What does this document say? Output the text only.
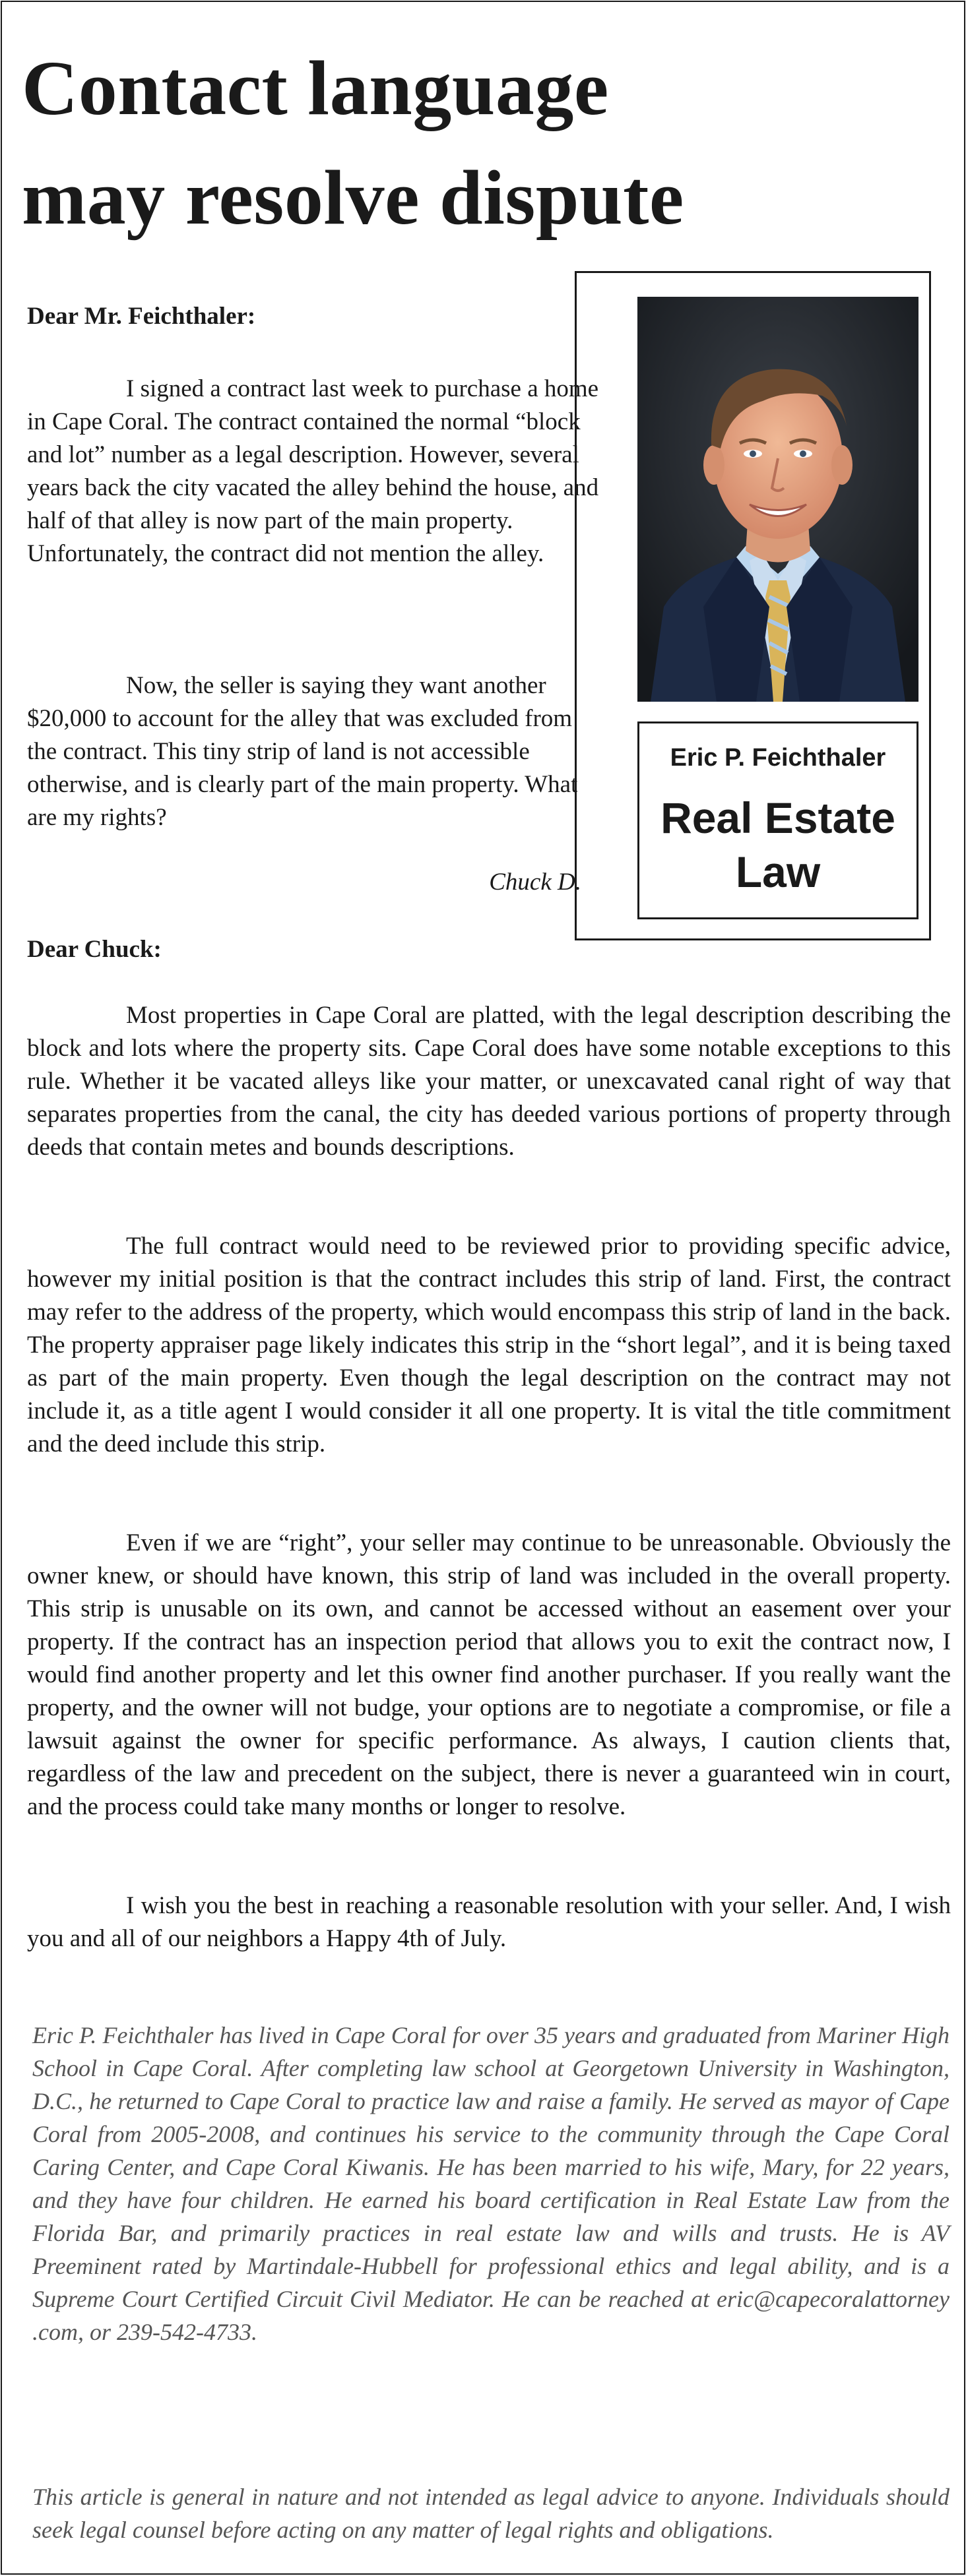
Contact language
may resolve dispute
Eric P. Feichthaler
Real Estate
Law

Dear Mr. Feichthaler:

I signed a contract last week to purchase a home in Cape Coral. The contract contained the normal “block and lot” number as a legal description. However, several years back the city vacated the alley behind the house, and half of that alley is now part of the main property. Unfortunately, the contract did not mention the alley.

Now, the seller is saying they want another $20,000 to account for the alley that was excluded from the contract. This tiny strip of land is not accessible otherwise, and is clearly part of the main property. What are my rights?

Chuck D.

Dear Chuck:

Most properties in Cape Coral are platted, with the legal description describing the block and lots where the property sits. Cape Coral does have some notable exceptions to this rule. Whether it be vacated alleys like your matter, or unexcavated canal right of way that separates properties from the canal, the city has deeded various portions of property through deeds that contain metes and bounds descriptions.

The full contract would need to be reviewed prior to providing specific advice, however my initial position is that the contract includes this strip of land. First, the contract may refer to the address of the property, which would encompass this strip of land in the back. The property appraiser page likely indicates this strip in the “short legal”, and it is being taxed as part of the main property. Even though the legal description on the contract may not include it, as a title agent I would consider it all one property. It is vital the title commitment and the deed include this strip.

Even if we are “right”, your seller may continue to be unreasonable. Obviously the owner knew, or should have known, this strip of land was included in the overall property. This strip is unusable on its own, and cannot be accessed without an easement over your property. If the contract has an inspection period that allows you to exit the contract now, I would find another property and let this owner find another purchaser. If you really want the property, and the owner will not budge, your options are to negotiate a compromise, or file a lawsuit against the owner for specific performance. As always, I caution clients that, regardless of the law and precedent on the subject, there is never a guaranteed win in court, and the process could take many months or longer to resolve.

I wish you the best in reaching a reasonable resolution with your seller. And, I wish you and all of our neighbors a Happy 4th of July.

Eric P. Feichthaler has lived in Cape Coral for over 35 years and graduated from Mariner High School in Cape Coral. After completing law school at Georgetown University in Washington, D.C., he returned to Cape Coral to practice law and raise a family. He served as mayor of Cape Coral from 2005-2008, and continues his service to the community through the Cape Coral Caring Center, and Cape Coral Kiwanis. He has been married to his wife, Mary, for 22 years, and they have four children. He earned his board certification in Real Estate Law from the Florida Bar, and primarily practices in real estate law and wills and trusts. He is AV Preeminent rated by Martindale-Hubbell for professional ethics and legal ability, and is a Supreme Court Certified Circuit Civil Mediator. He can be reached at eric@capecoralattorney .com, or 239-542-4733.

This article is general in nature and not intended as legal advice to anyone. Individuals should seek legal counsel before acting on any matter of legal rights and obligations.
